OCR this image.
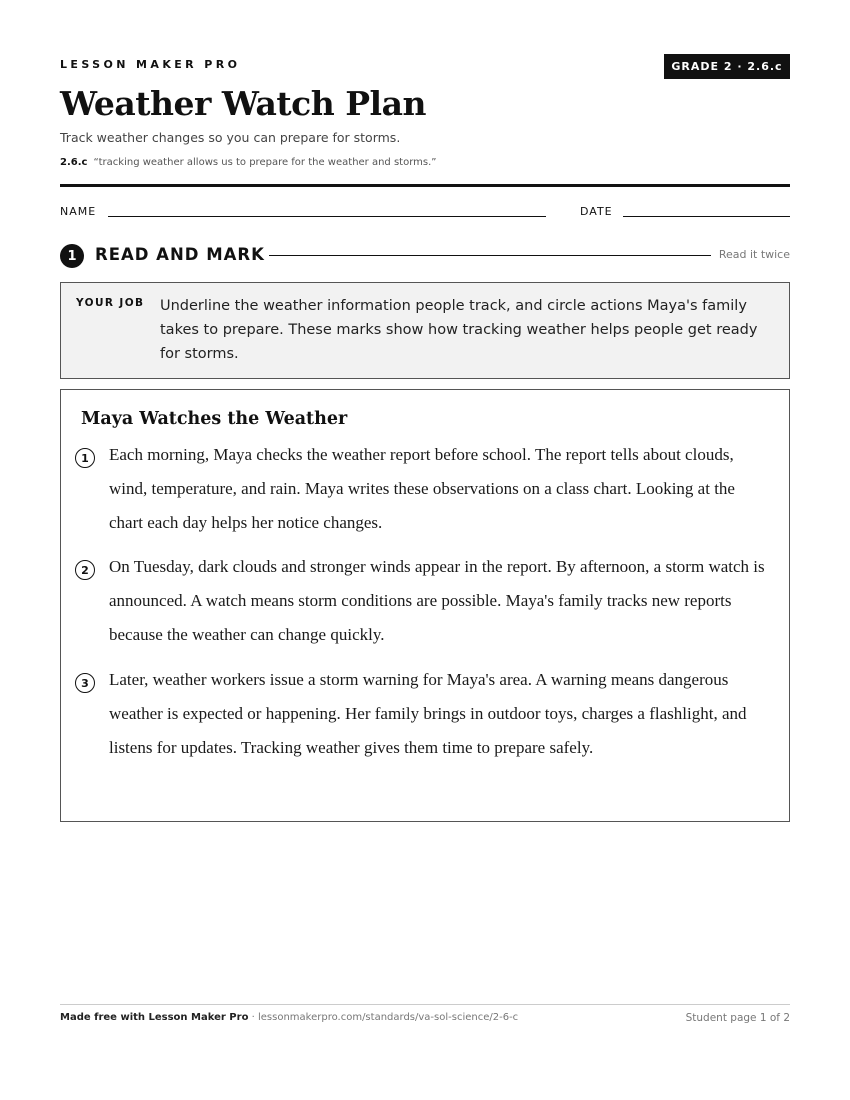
LESSON MAKER PRO	GRADE 2 · 2.6.c
Weather Watch Plan
Track weather changes so you can prepare for storms.
2.6.c “tracking weather allows us to prepare for the weather and storms.”
NAME	DATE
1	READ AND MARK	Read it twice
YOUR JOB Underline the weather information people track, and circle actions Maya's family takes to prepare. These marks show how tracking weather helps people get ready for storms.
Maya Watches the Weather
1	Each morning, Maya checks the weather report before school. The report tells about clouds, wind, temperature, and rain. Maya writes these observations on a class chart. Looking at the chart each day helps her notice changes.
2	On Tuesday, dark clouds and stronger winds appear in the report. By afternoon, a storm watch is announced. A watch means storm conditions are possible. Maya's family tracks new reports because the weather can change quickly.
3	Later, weather workers issue a storm warning for Maya's area. A warning means dangerous weather is expected or happening. Her family brings in outdoor toys, charges a flashlight, and listens for updates. Tracking weather gives them time to prepare safely.
Made free with Lesson Maker Pro · lessonmakerpro.com/standards/va-sol-science/2-6-c	Student page 1 of 2
